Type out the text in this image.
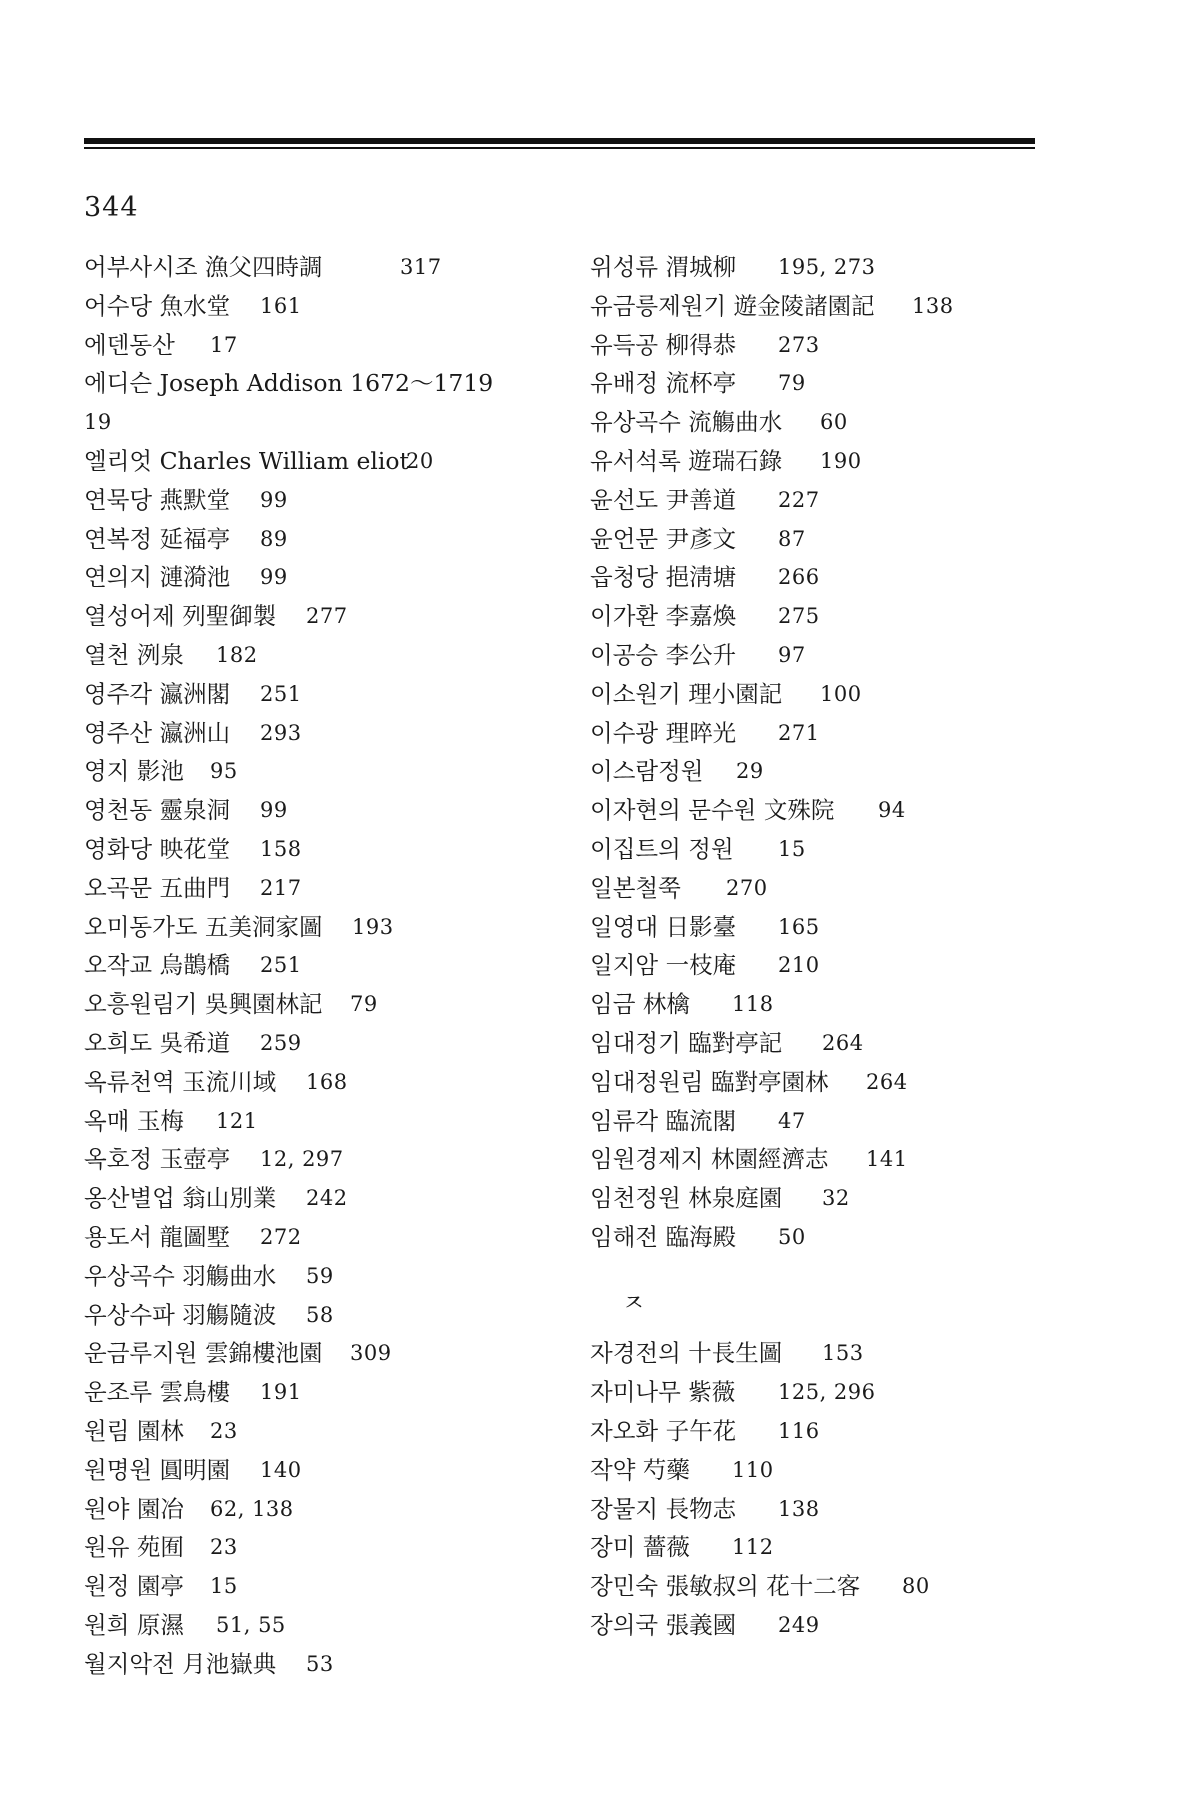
344
어부사시조 漁父四時調	317
어수당 魚水堂 161
에덴동산 17
에디슨 Joseph Addison 1672～1719
19
엘리엇 Charles William eliot
20
연묵당 燕默堂 99
연복정 延福亭 89
연의지 漣漪池 99
열성어제 列聖御製 277
열천 洌泉 182
영주각 瀛洲閣 251
영주산 瀛洲山 293
영지 影池 95
영천동 靈泉洞 99
영화당 映花堂 158
오곡문 五曲門 217
오미동가도 五美洞家圖 193
오작교 烏鵲橋 251
오흥원림기 吳興園林記 79
오희도 吳希道 259
옥류천역 玉流川域 168
옥매 玉梅 121
옥호정 玉壺亭 12, 297
옹산별업 翁山別業 242
용도서 龍圖墅 272
우상곡수 羽觴曲水 59
우상수파 羽觴隨波 58
운금루지원 雲錦樓池園 309
운조루 雲鳥樓 191
원림 園林 23
원명원 圓明園 140
원야 園冶 62, 138
원유 苑囿 23
원정 園亭 15
원희 原濕 51, 55
월지악전 月池嶽典 53
위성류 渭城柳 195, 273
유금릉제원기 遊金陵諸園記 138
유득공 柳得恭 273
유배정 流杯亭 79
유상곡수 流觴曲水 60
유서석록 遊瑞石錄 190
윤선도 尹善道 227
윤언문 尹彥文 87
읍청당 挹淸塘 266
이가환 李嘉煥 275
이공승 李公升 97
이소원기 理小園記 100
이수광 理晬光 271
이스람정원 29
이자현의 문수원 文殊院 94
이집트의 정원 15
일본철쭉 270
일영대 日影臺 165
일지암 一枝庵 210
임금 林檎 118
임대정기 臨對亭記 264
임대정원림 臨對亭園林 264
임류각 臨流閣 47
임원경제지 林園經濟志 141
임천정원 林泉庭園 32
임해전 臨海殿 50
ㅈ
자경전의 十長生圖 153
자미나무 紫薇 125, 296
자오화 子午花 116
작약 芍藥 110
장물지 長物志 138
장미 薔薇 112
장민숙 張敏叔의 花十二客 80
장의국 張義國 249
